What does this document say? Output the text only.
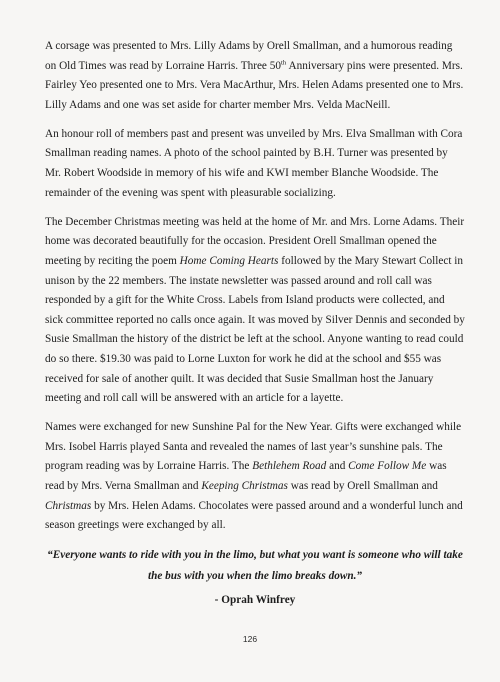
A corsage was presented to Mrs. Lilly Adams by Orell Smallman, and a humorous reading on Old Times was read by Lorraine Harris. Three 50th Anniversary pins were presented. Mrs. Fairley Yeo presented one to Mrs. Vera MacArthur, Mrs. Helen Adams presented one to Mrs. Lilly Adams and one was set aside for charter member Mrs. Velda MacNeill.

An honour roll of members past and present was unveiled by Mrs. Elva Smallman with Cora Smallman reading names. A photo of the school painted by B.H. Turner was presented by Mr. Robert Woodside in memory of his wife and KWI member Blanche Woodside. The remainder of the evening was spent with pleasurable socializing.

The December Christmas meeting was held at the home of Mr. and Mrs. Lorne Adams. Their home was decorated beautifully for the occasion. President Orell Smallman opened the meeting by reciting the poem Home Coming Hearts followed by the Mary Stewart Collect in unison by the 22 members. The instate newsletter was passed around and roll call was responded by a gift for the White Cross. Labels from Island products were collected, and sick committee reported no calls once again. It was moved by Silver Dennis and seconded by Susie Smallman the history of the district be left at the school. Anyone wanting to read could do so there. $19.30 was paid to Lorne Luxton for work he did at the school and $55 was received for sale of another quilt. It was decided that Susie Smallman host the January meeting and roll call will be answered with an article for a layette.

Names were exchanged for new Sunshine Pal for the New Year. Gifts were exchanged while Mrs. Isobel Harris played Santa and revealed the names of last year’s sunshine pals. The program reading was by Lorraine Harris. The Bethlehem Road and Come Follow Me was read by Mrs. Verna Smallman and Keeping Christmas was read by Orell Smallman and Christmas by Mrs. Helen Adams. Chocolates were passed around and a wonderful lunch and season greetings were exchanged by all.

“Everyone wants to ride with you in the limo, but what you want is someone who will take the bus with you when the limo breaks down.”

- Oprah Winfrey

126
